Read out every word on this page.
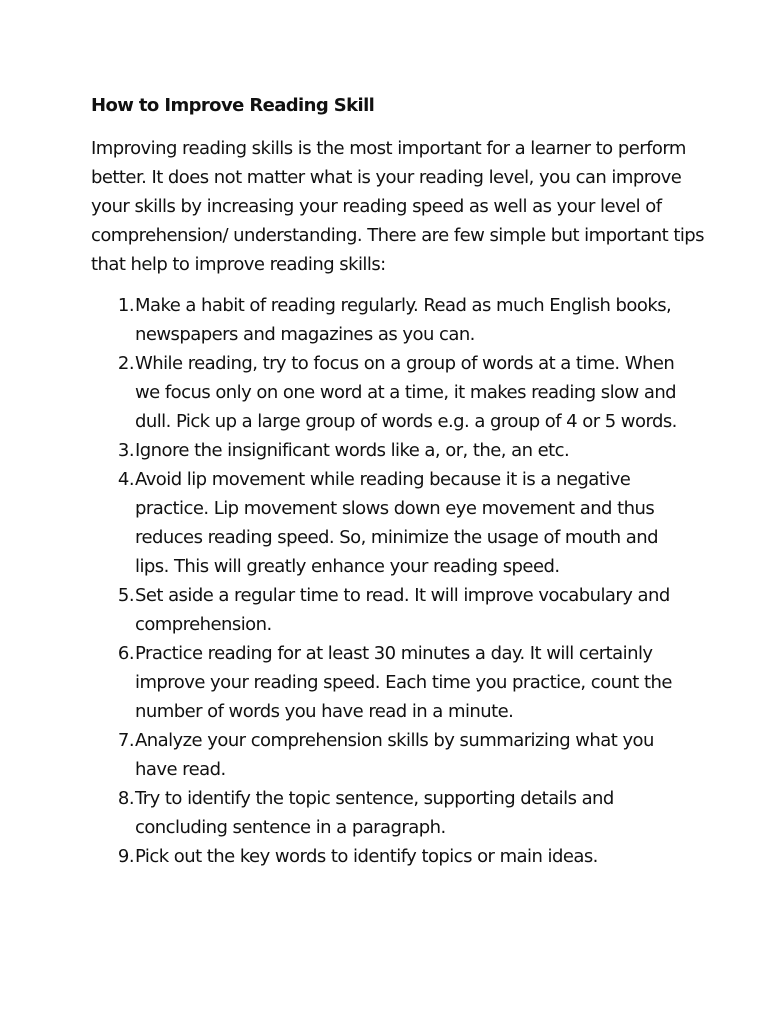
How to Improve Reading Skill

Improving reading skills is the most important for a learner to perform better. It does not matter what is your reading level, you can improve your skills by increasing your reading speed as well as your level of comprehension/ understanding. There are few simple but important tips that help to improve reading skills:

1. Make a habit of reading regularly. Read as much English books, newspapers and magazines as you can.
2. While reading, try to focus on a group of words at a time. When we focus only on one word at a time, it makes reading slow and dull. Pick up a large group of words e.g. a group of 4 or 5 words.
3. Ignore the insignificant words like a, or, the, an etc.
4. Avoid lip movement while reading because it is a negative practice. Lip movement slows down eye movement and thus reduces reading speed. So, minimize the usage of mouth and lips. This will greatly enhance your reading speed.
5. Set aside a regular time to read. It will improve vocabulary and comprehension.
6. Practice reading for at least 30 minutes a day. It will certainly improve your reading speed. Each time you practice, count the number of words you have read in a minute.
7. Analyze your comprehension skills by summarizing what you have read.
8. Try to identify the topic sentence, supporting details and concluding sentence in a paragraph.
9. Pick out the key words to identify topics or main ideas.
